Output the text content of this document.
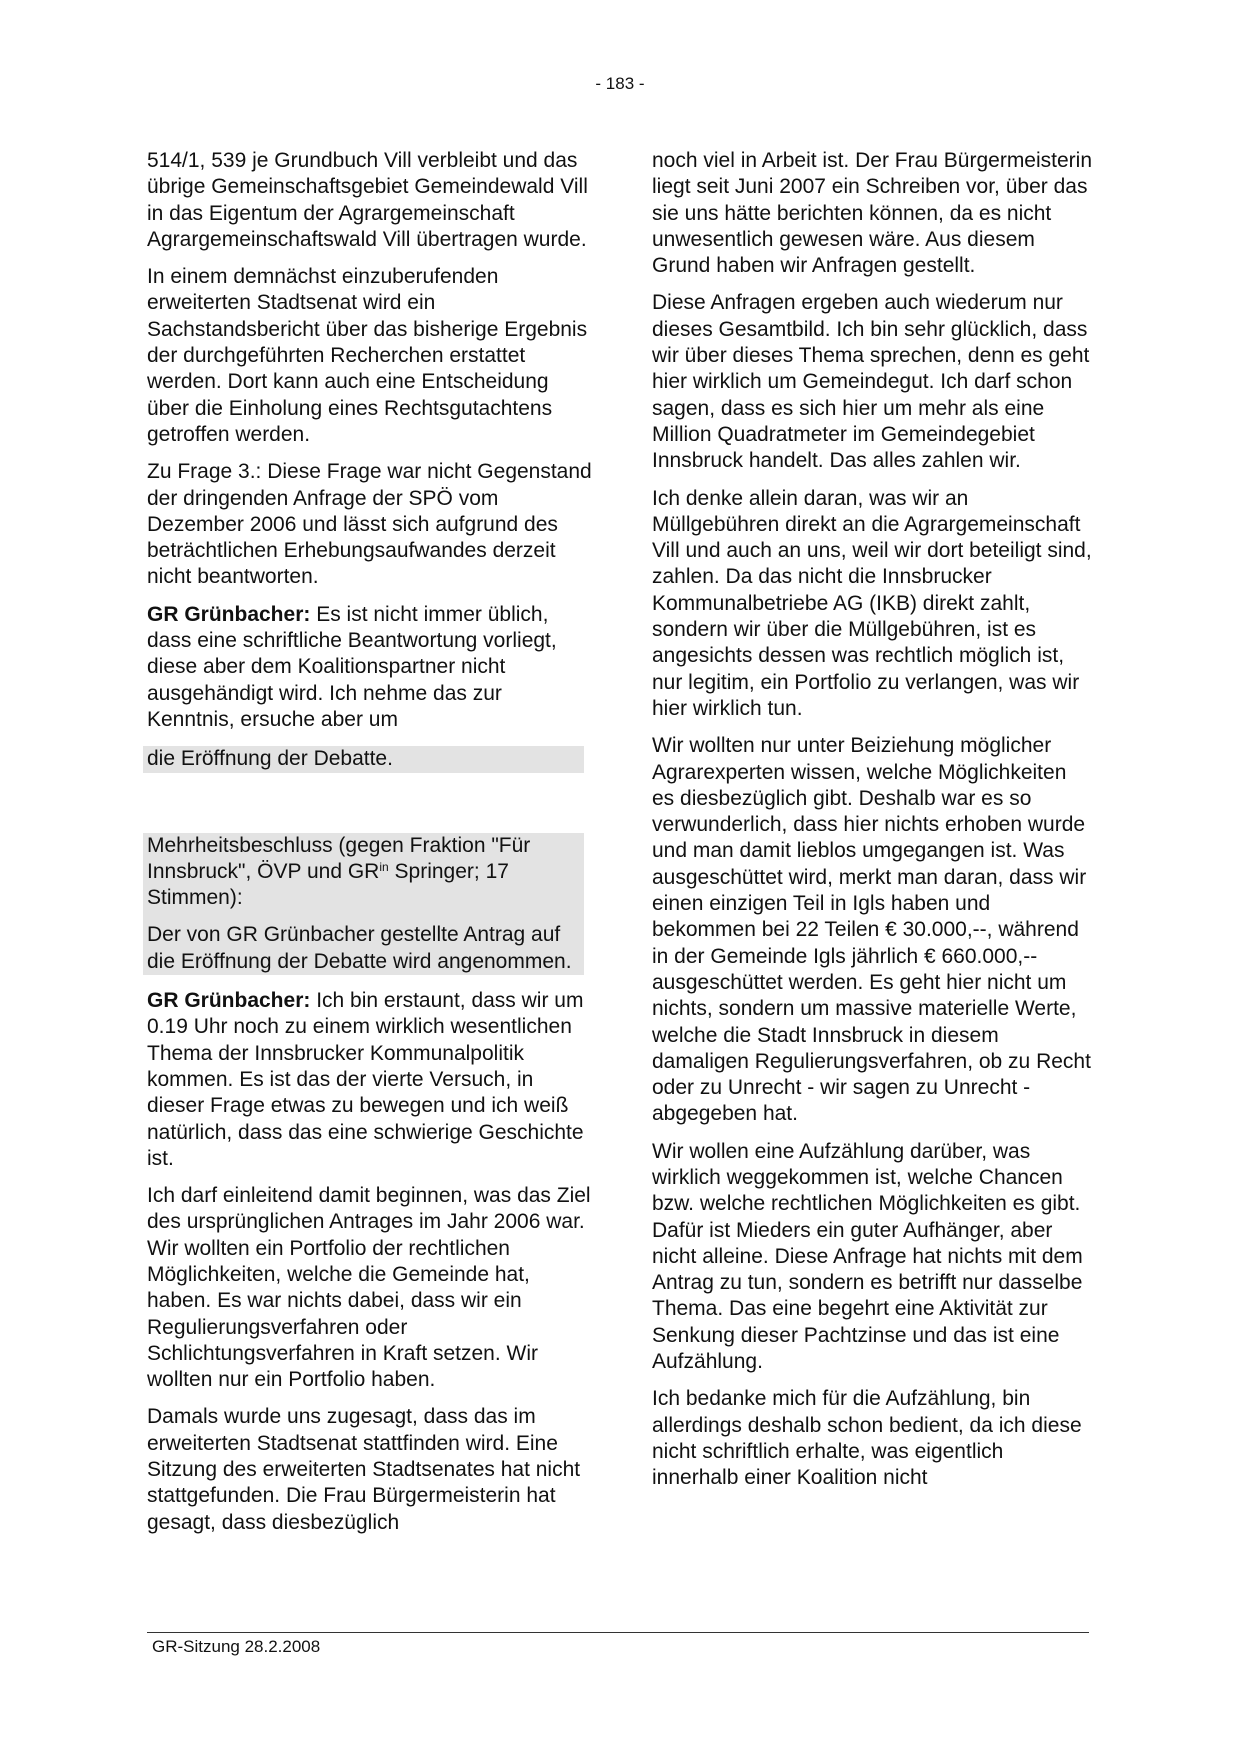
- 183 -

514/1, 539 je Grundbuch Vill verbleibt und das übrige Gemeinschaftsgebiet Gemeindewald Vill in das Eigentum der Agrargemeinschaft Agrargemeinschaftswald Vill übertragen wurde.

In einem demnächst einzuberufenden erweiterten Stadtsenat wird ein Sachstandsbericht über das bisherige Ergebnis der durchgeführten Recherchen erstattet werden. Dort kann auch eine Entscheidung über die Einholung eines Rechtsgutachtens getroffen werden.

Zu Frage 3.: Diese Frage war nicht Gegenstand der dringenden Anfrage der SPÖ vom Dezember 2006 und lässt sich aufgrund des beträchtlichen Erhebungsaufwandes derzeit nicht beantworten.

GR Grünbacher: Es ist nicht immer üblich, dass eine schriftliche Beantwortung vorliegt, diese aber dem Koalitionspartner nicht ausgehändigt wird. Ich nehme das zur Kenntnis, ersuche aber um

die Eröffnung der Debatte.

Mehrheitsbeschluss (gegen Fraktion "Für Innsbruck", ÖVP und $GR^{in}$ Springer; 17 Stimmen):

Der von GR Grünbacher gestellte Antrag auf die Eröffnung der Debatte wird angenommen.

GR Grünbacher: Ich bin erstaunt, dass wir um 0.19 Uhr noch zu einem wirklich wesentlichen Thema der Innsbrucker Kommunalpolitik kommen. Es ist das der vierte Versuch, in dieser Frage etwas zu bewegen und ich weiß natürlich, dass das eine schwierige Geschichte ist.

Ich darf einleitend damit beginnen, was das Ziel des ursprünglichen Antrages im Jahr 2006 war. Wir wollten ein Portfolio der rechtlichen Möglichkeiten, welche die Gemeinde hat, haben. Es war nichts dabei, dass wir ein Regulierungsverfahren oder Schlichtungsverfahren in Kraft setzen. Wir wollten nur ein Portfolio haben.

Damals wurde uns zugesagt, dass das im erweiterten Stadtsenat stattfinden wird. Eine Sitzung des erweiterten Stadtsenates hat nicht stattgefunden. Die Frau Bürgermeisterin hat gesagt, dass diesbezüglich

noch viel in Arbeit ist. Der Frau Bürgermeisterin liegt seit Juni 2007 ein Schreiben vor, über das sie uns hätte berichten können, da es nicht unwesentlich gewesen wäre. Aus diesem Grund haben wir Anfragen gestellt.

Diese Anfragen ergeben auch wiederum nur dieses Gesamtbild. Ich bin sehr glücklich, dass wir über dieses Thema sprechen, denn es geht hier wirklich um Gemeindegut. Ich darf schon sagen, dass es sich hier um mehr als eine Million Quadratmeter im Gemeindegebiet Innsbruck handelt. Das alles zahlen wir.

Ich denke allein daran, was wir an Müllgebühren direkt an die Agrargemeinschaft Vill und auch an uns, weil wir dort beteiligt sind, zahlen. Da das nicht die Innsbrucker Kommunalbetriebe AG (IKB) direkt zahlt, sondern wir über die Müllgebühren, ist es angesichts dessen was rechtlich möglich ist, nur legitim, ein Portfolio zu verlangen, was wir hier wirklich tun.

Wir wollten nur unter Beiziehung möglicher Agrarexperten wissen, welche Möglichkeiten es diesbezüglich gibt. Deshalb war es so verwunderlich, dass hier nichts erhoben wurde und man damit lieblos umgegangen ist. Was ausgeschüttet wird, merkt man daran, dass wir einen einzigen Teil in Igls haben und bekommen bei 22 Teilen € 30.000,--, während in der Gemeinde Igls jährlich € 660.000,-- ausgeschüttet werden. Es geht hier nicht um nichts, sondern um massive materielle Werte, welche die Stadt Innsbruck in diesem damaligen Regulierungsverfahren, ob zu Recht oder zu Unrecht - wir sagen zu Unrecht - abgegeben hat.

Wir wollen eine Aufzählung darüber, was wirklich weggekommen ist, welche Chancen bzw. welche rechtlichen Möglichkeiten es gibt. Dafür ist Mieders ein guter Aufhänger, aber nicht alleine. Diese Anfrage hat nichts mit dem Antrag zu tun, sondern es betrifft nur dasselbe Thema. Das eine begehrt eine Aktivität zur Senkung dieser Pachtzinse und das ist eine Aufzählung.

Ich bedanke mich für die Aufzählung, bin allerdings deshalb schon bedient, da ich diese nicht schriftlich erhalte, was eigentlich innerhalb einer Koalition nicht

GR-Sitzung 28.2.2008
